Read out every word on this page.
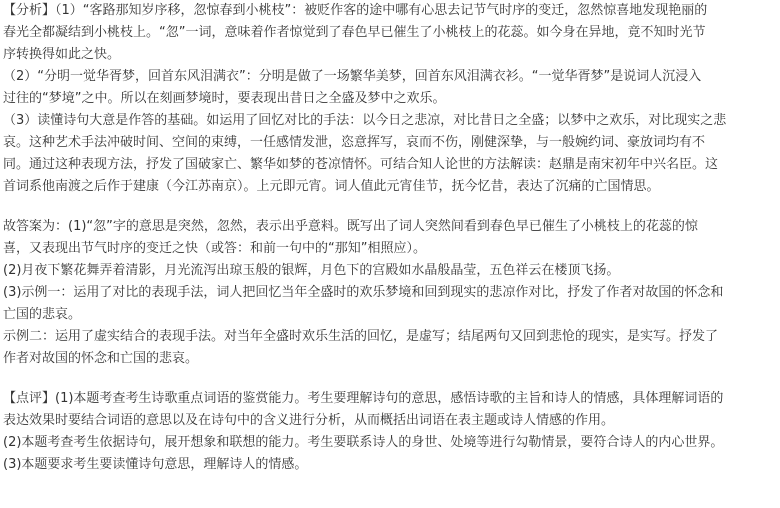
【分析】（1）“客路那知岁序移，忽惊春到小桃枝”：被贬作客的途中哪有心思去记节气时序的变迁，忽然惊喜地发现艳丽的
春光全都凝结到小桃枝上。“忽”一词，意味着作者惊觉到了春色早已催生了小桃枝上的花蕊。如今身在异地，竟不知时光节
序转换得如此之快。
（2）“分明一觉华胥梦，回首东风泪满衣”：分明是做了一场繁华美梦，回首东风泪满衣衫。“一觉华胥梦”是说词人沉浸入
过往的“梦境”之中。所以在刻画梦境时，要表现出昔日之全盛及梦中之欢乐。
（3）读懂诗句大意是作答的基础。如运用了回忆对比的手法：以今日之悲凉，对比昔日之全盛；以梦中之欢乐，对比现实之悲
哀。这种艺术手法冲破时间、空间的束缚，一任感情发泄，恣意挥写，哀而不伤，刚健深挚，与一般婉约词、豪放词均有不
同。通过这种表现方法，抒发了国破家亡、繁华如梦的苍凉情怀。可结合知人论世的方法解读：赵鼎是南宋初年中兴名臣。这
首词系他南渡之后作于建康（今江苏南京）。上元即元宵。词人值此元宵佳节，抚今忆昔，表达了沉痛的亡国情思。
故答案为：(1)“忽”字的意思是突然，忽然，表示出乎意料。既写出了词人突然间看到春色早已催生了小桃枝上的花蕊的惊
喜，又表现出节气时序的变迁之快（或答：和前一句中的“那知”相照应）。
(2)月夜下繁花舞弄着清影，月光流泻出琼玉般的银辉，月色下的宫殿如水晶般晶莹，五色祥云在楼顶飞扬。
(3)示例一：运用了对比的表现手法，词人把回忆当年全盛时的欢乐梦境和回到现实的悲凉作对比，抒发了作者对故国的怀念和
亡国的悲哀。
示例二：运用了虚实结合的表现手法。对当年全盛时欢乐生活的回忆，是虚写；结尾两句又回到悲怆的现实，是实写。抒发了
作者对故国的怀念和亡国的悲哀。
【点评】(1)本题考查考生诗歌重点词语的鉴赏能力。考生要理解诗句的意思，感悟诗歌的主旨和诗人的情感，具体理解词语的
表达效果时要结合词语的意思以及在诗句中的含义进行分析，从而概括出词语在表主题或诗人情感的作用。
(2)本题考查考生依据诗句，展开想象和联想的能力。考生要联系诗人的身世、处境等进行勾勒情景，要符合诗人的内心世界。
(3)本题要求考生要读懂诗句意思，理解诗人的情感。
